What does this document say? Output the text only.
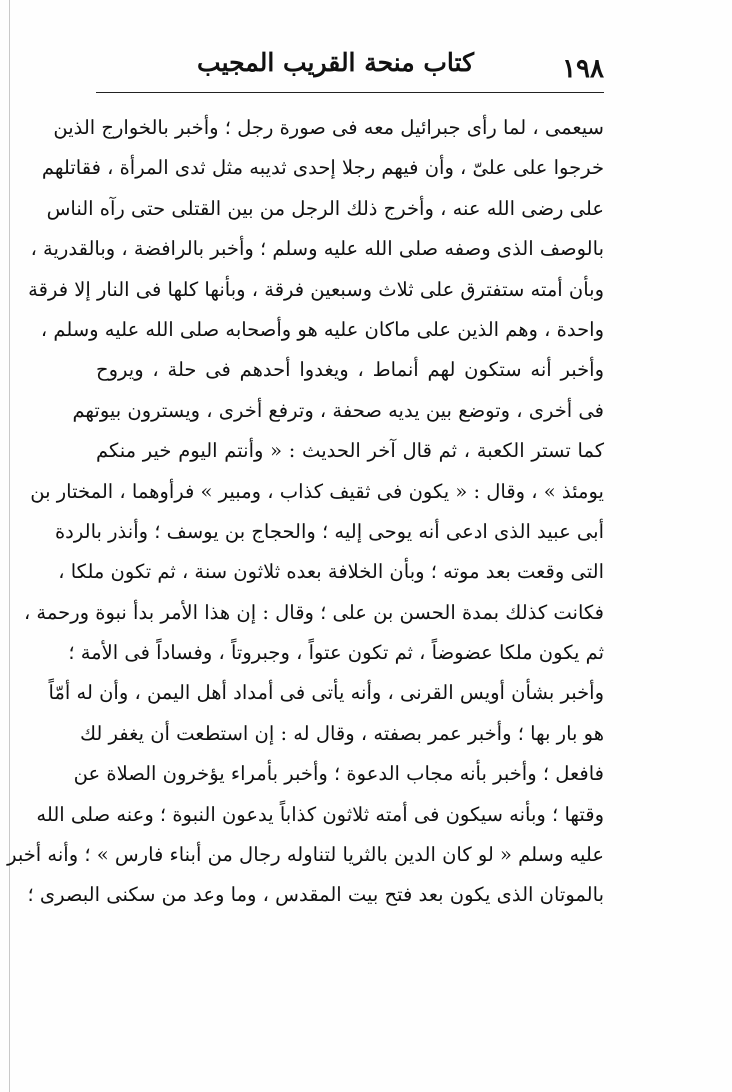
كتاب منحة القريب المجيب	١٩٨
سيعمى ، لما رأى جبرائيل معه فى صورة رجل ؛ وأخبر بالخوارج الذين
خرجوا على علىّ ، وأن فيهم رجلا إحدى ثديبه مثل ثدى المرأة ، فقاتلهم
على رضى الله عنه ، وأخرج ذلك الرجل من بين القتلى حتى رآه الناس
بالوصف الذى وصفه صلى الله عليه وسلم ؛ وأخبر بالرافضة ، وبالقدرية ،
وبأن أمته ستفترق على ثلاث وسبعين فرقة ، وبأنها كلها فى النار إلا فرقة
واحدة ، وهم الذين على ماكان عليه هو وأصحابه صلى الله عليه وسلم ،
وأخبر أنه ستكون لهم أنماط ، ويغدوا أحدهم فى حلة ، ويروح
فى أخرى ، وتوضع بين يديه صحفة ، وترفع أخرى ، ويسترون بيوتهم
كما تستر الكعبة ، ثم قال آخر الحديث : « وأنتم اليوم خير منكم
يومئذ » ، وقال : « يكون فى ثقيف كذاب ، ومبير » فرأوهما ، المختار بن
أبى عبيد الذى ادعى أنه يوحى إليه ؛ والحجاج بن يوسف ؛ وأنذر بالردة
التى وقعت بعد موته ؛ وبأن الخلافة بعده ثلاثون سنة ، ثم تكون ملكا ،
فكانت كذلك بمدة الحسن بن على ؛ وقال : إن هذا الأمر بدأ نبوة ورحمة ،
ثم يكون ملكا عضوضاً ، ثم تكون عتواً ، وجبروتاً ، وفساداً فى الأمة ؛
وأخبر بشأن أويس القرنى ، وأنه يأتى فى أمداد أهل اليمن ، وأن له أمّاً
هو بار بها ؛ وأخبر عمر بصفته ، وقال له : إن استطعت أن يغفر لك
فافعل ؛ وأخبر بأنه مجاب الدعوة ؛ وأخبر بأمراء يؤخرون الصلاة عن
وقتها ؛ وبأنه سيكون فى أمته ثلاثون كذاباً يدعون النبوة ؛ وعنه صلى الله
عليه وسلم « لو كان الدين بالثريا لتناوله رجال من أبناء فارس » ؛ وأنه أخبر
بالموتان الذى يكون بعد فتح بيت المقدس ، وما وعد من سكنى البصرى ؛
